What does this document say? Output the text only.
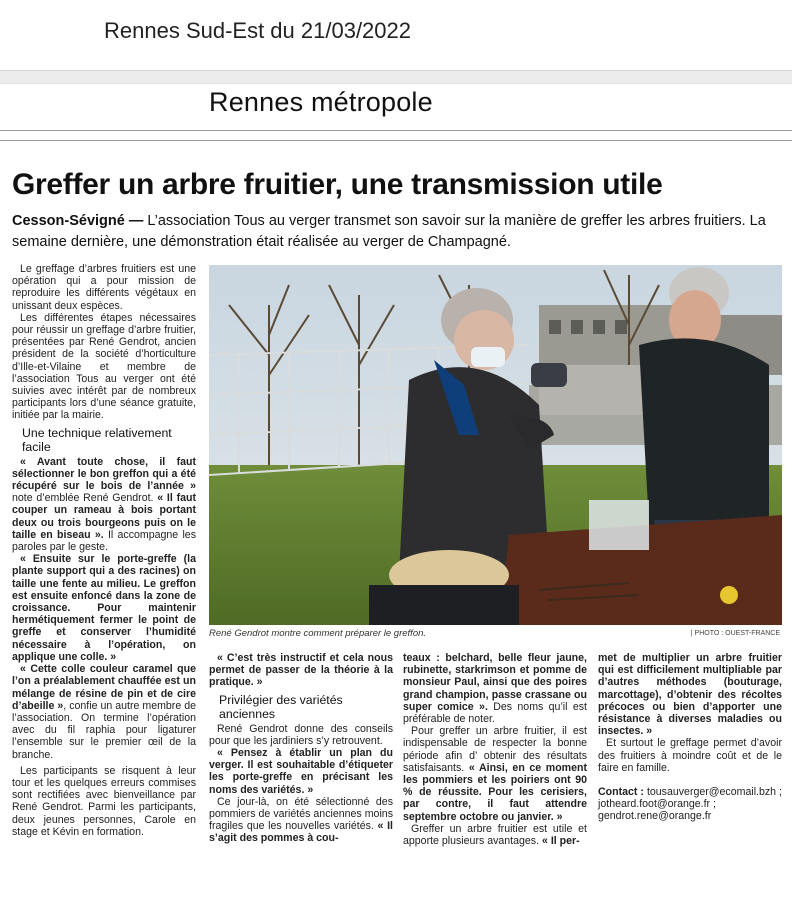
Rennes Sud-Est du 21/03/2022
Rennes métropole
Greffer un arbre fruitier, une transmission utile
Cesson-Sévigné — L’association Tous au verger transmet son savoir sur la manière de greffer les arbres fruitiers. La semaine dernière, une démonstration était réalisée au verger de Champagné.

Le greffage d’arbres fruitiers est une opération qui a pour mission de reproduire les différents végétaux en unissant deux espèces.

Les différentes étapes nécessaires pour réussir un greffage d’arbre fruitier, présentées par René Gendrot, ancien président de la société d’horticulture d’Ille-et-Vilaine et membre de l’association Tous au verger ont été suivies avec intérêt par de nombreux participants lors d’une séance gratuite, initiée par la mairie.

Une technique relativement facile

« Avant toute chose, il faut sélectionner le bon greffon qui a été récupéré sur le bois de l’année » note d’emblée René Gendrot. « Il faut couper un rameau à bois portant deux ou trois bourgeons puis on le taille en biseau ». Il accompagne les paroles par le geste.

« Ensuite sur le porte-greffe (la plante support qui a des racines) on taille une fente au milieu. Le greffon est ensuite enfoncé dans la zone de croissance. Pour maintenir hermétiquement fermer le point de greffe et conserver l’humidité nécessaire à l’opération, on applique une colle. »

« Cette colle couleur caramel que l’on a préalablement chauffée est un mélange de résine de pin et de cire d’abeille », confie un autre membre de l’association. On termine l’opération avec du fil raphia pour ligaturer l’ensemble sur le premier œil de la branche.

Les participants se risquent à leur tour et les quelques erreurs commises sont rectifiées avec bienveillance par René Gendrot. Parmi les participants, deux jeunes personnes, Carole en stage et Kévin en formation.

René Gendrot montre comment préparer le greffon.	| PHOTO : OUEST-FRANCE

« C’est très instructif et cela nous permet de passer de la théorie à la pratique. »

Privilégier des variétés anciennes

René Gendrot donne des conseils pour que les jardiniers s’y retrouvent.

« Pensez à établir un plan du verger. Il est souhaitable d’étiqueter les porte-greffe en précisant les noms des variétés. »

Ce jour-là, on été sélectionné des pommiers de variétés anciennes moins fragiles que les nouvelles variétés. « Il s’agit des pommes à cou-

teaux : belchard, belle fleur jaune, rubinette, starkrimson et pomme de monsieur Paul, ainsi que des poires grand champion, passe crassane ou super comice ». Des noms qu’il est préférable de noter.

Pour greffer un arbre fruitier, il est indispensable de respecter la bonne période afin d’ obtenir des résultats satisfaisants. « Ainsi, en ce moment les pommiers et les poiriers ont 90 % de réussite. Pour les cerisiers, par contre, il faut attendre septembre octobre ou janvier. »

Greffer un arbre fruitier est utile et apporte plusieurs avantages. « Il per-

met de multiplier un arbre fruitier qui est difficilement multipliable par d’autres méthodes (bouturage, marcottage), d’obtenir des récoltes précoces ou bien d’apporter une résistance à diverses maladies ou insectes. »

Et surtout le greffage permet d’avoir des fruitiers à moindre coût et de le faire en famille.

Contact : tousauverger@ecomail.bzh ; jotheard.foot@orange.fr ;
gendrot.rene@orange.fr
